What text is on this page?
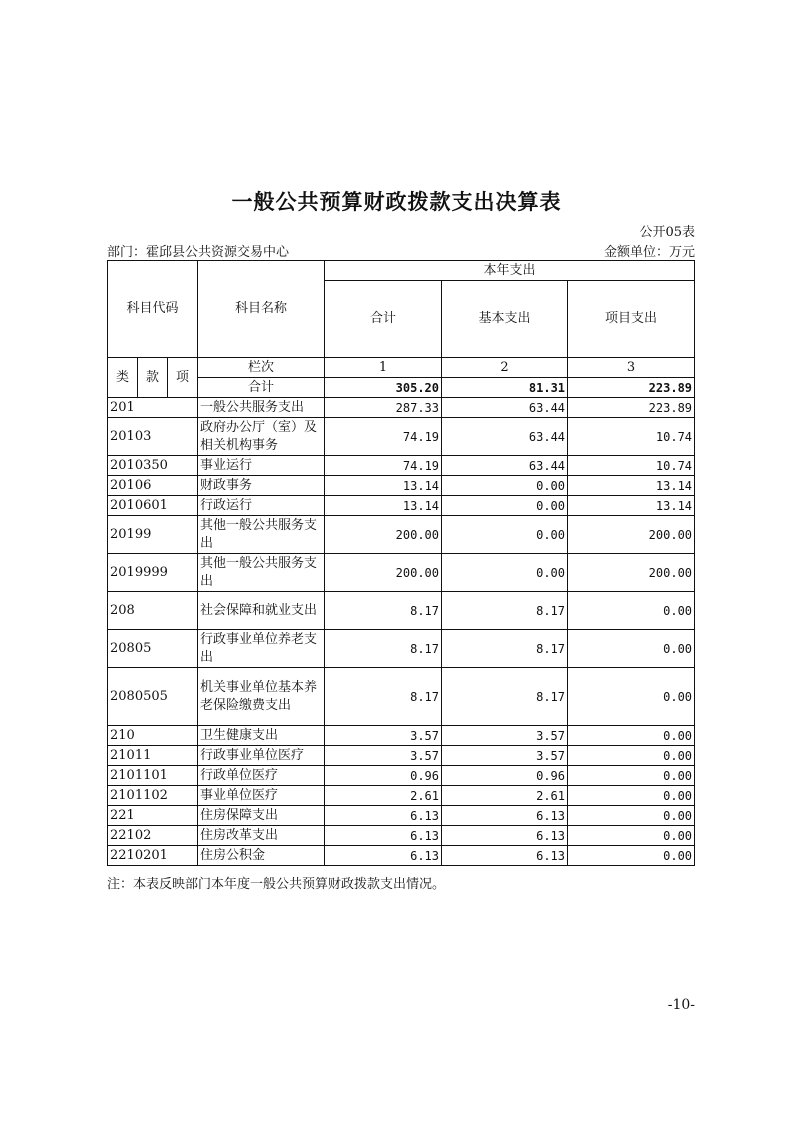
一般公共预算财政拨款支出决算表
公开05表
部门：霍邱县公共资源交易中心	金额单位：万元
科目代码			科目名称	本年支出		
				合计	基本支出	项目支出

类	款	项	栏次	1	2	3
			合计	305.20	81.31	223.89
201			一般公共服务支出	287.33	63.44	223.89
20103			政府办公厅（室）及相关机构事务	74.19	63.44	10.74
2010350			事业运行	74.19	63.44	10.74
20106			财政事务	13.14	0.00	13.14
2010601			行政运行	13.14	0.00	13.14
20199			其他一般公共服务支出	200.00	0.00	200.00
2019999			其他一般公共服务支出	200.00	0.00	200.00
208			社会保障和就业支出	8.17	8.17	0.00
20805			行政事业单位养老支出	8.17	8.17	0.00
2080505			机关事业单位基本养老保险缴费支出	8.17	8.17	0.00
210			卫生健康支出	3.57	3.57	0.00
21011			行政事业单位医疗	3.57	3.57	0.00
2101101			行政单位医疗	0.96	0.96	0.00
2101102			事业单位医疗	2.61	2.61	0.00
221			住房保障支出	6.13	6.13	0.00
22102			住房改革支出	6.13	6.13	0.00
2210201			住房公积金	6.13	6.13	0.00
注：本表反映部门本年度一般公共预算财政拨款支出情况。
-10-
